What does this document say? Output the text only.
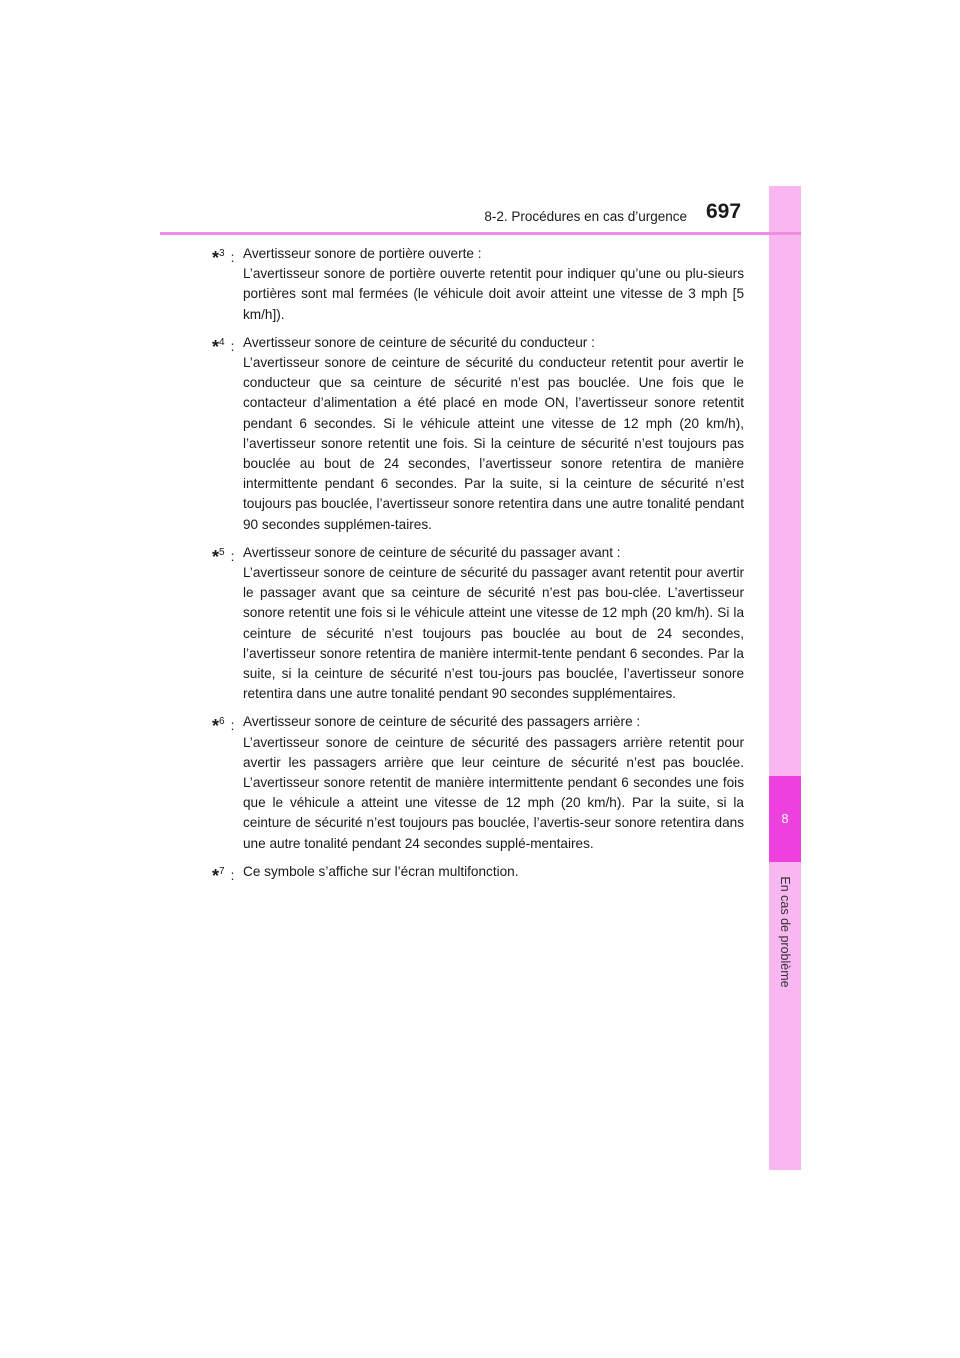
8
En cas de problème
8-2. Procédures en cas d’urgence 697
*$^3$ : Avertisseur sonore de portière ouverte :
L’avertisseur sonore de portière ouverte retentit pour indiquer qu’une ou plu-sieurs portières sont mal fermées (le véhicule doit avoir atteint une vitesse de 3 mph [5 km/h]).
*$^4$ : Avertisseur sonore de ceinture de sécurité du conducteur :
L’avertisseur sonore de ceinture de sécurité du conducteur retentit pour avertir le conducteur que sa ceinture de sécurité n’est pas bouclée. Une fois que le contacteur d’alimentation a été placé en mode ON, l’avertisseur sonore retentit pendant 6 secondes. Si le véhicule atteint une vitesse de 12 mph (20 km/h), l’avertisseur sonore retentit une fois. Si la ceinture de sécurité n’est toujours pas bouclée au bout de 24 secondes, l’avertisseur sonore retentira de manière intermittente pendant 6 secondes. Par la suite, si la ceinture de sécurité n’est toujours pas bouclée, l’avertisseur sonore retentira dans une autre tonalité pendant 90 secondes supplémen-taires.
*$^5$ : Avertisseur sonore de ceinture de sécurité du passager avant :
L’avertisseur sonore de ceinture de sécurité du passager avant retentit pour avertir le passager avant que sa ceinture de sécurité n’est pas bou-clée. L’avertisseur sonore retentit une fois si le véhicule atteint une vitesse de 12 mph (20 km/h). Si la ceinture de sécurité n’est toujours pas bouclée au bout de 24 secondes, l’avertisseur sonore retentira de manière intermit-tente pendant 6 secondes. Par la suite, si la ceinture de sécurité n’est tou-jours pas bouclée, l’avertisseur sonore retentira dans une autre tonalité pendant 90 secondes supplémentaires.
*$^6$ : Avertisseur sonore de ceinture de sécurité des passagers arrière :
L’avertisseur sonore de ceinture de sécurité des passagers arrière retentit pour avertir les passagers arrière que leur ceinture de sécurité n’est pas bouclée. L’avertisseur sonore retentit de manière intermittente pendant 6 secondes une fois que le véhicule a atteint une vitesse de 12 mph (20 km/h). Par la suite, si la ceinture de sécurité n’est toujours pas bouclée, l’avertis-seur sonore retentira dans une autre tonalité pendant 24 secondes supplé-mentaires.
*$^7$ : Ce symbole s’affiche sur l’écran multifonction.
